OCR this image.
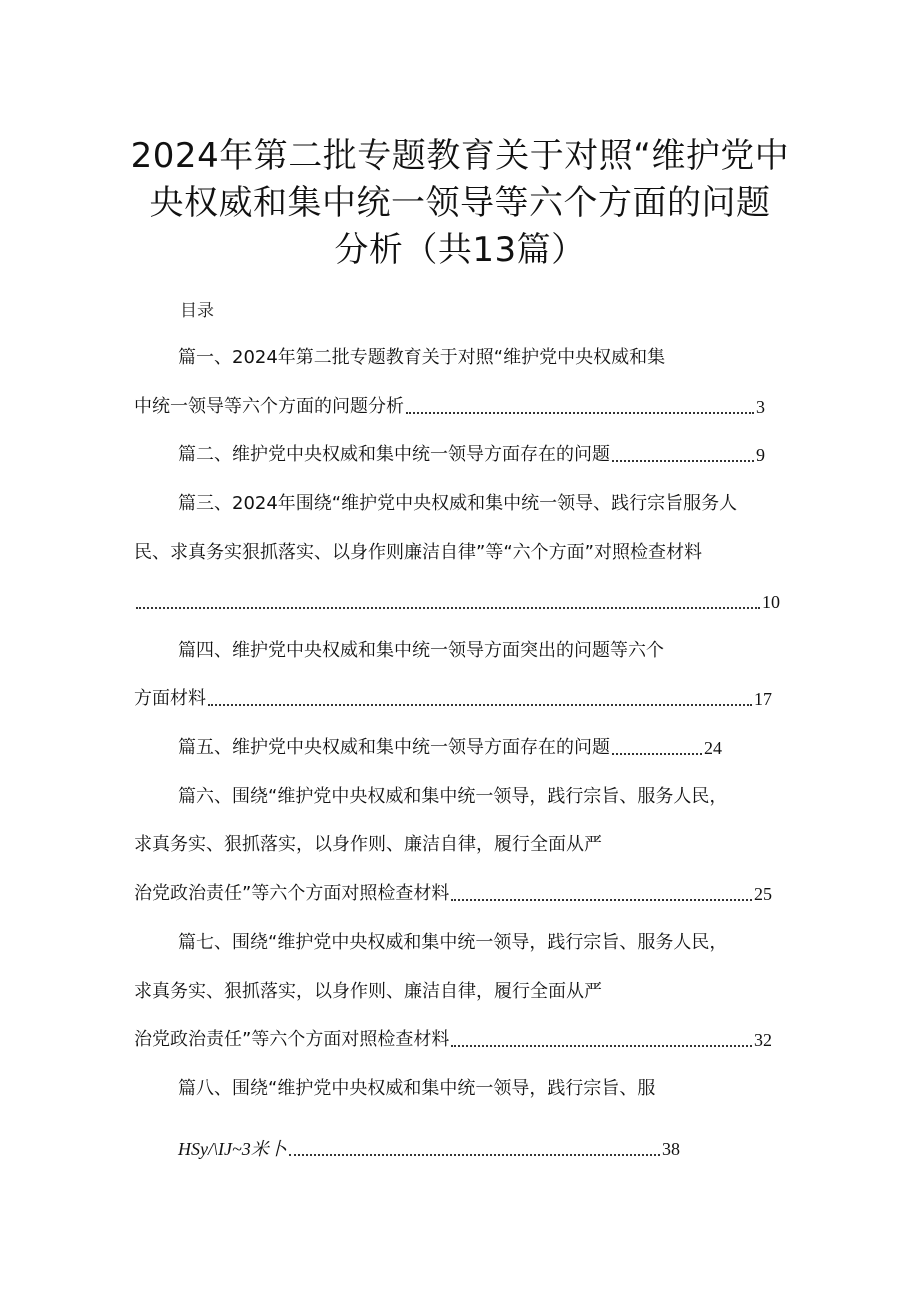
2024年第二批专题教育关于对照“维护党中
央权威和集中统一领导等六个方面的问题
分析（共13篇）
目录
篇一、2024年第二批专题教育关于对照“维护党中央权威和集
中统一领导等六个方面的问题分析	3
篇二、维护党中央权威和集中统一领导方面存在的问题	9
篇三、2024年围绕“维护党中央权威和集中统一领导、践行宗旨服务人
民、求真务实狠抓落实、以身作则廉洁自律”等“六个方面”对照检查材料
10
篇四、维护党中央权威和集中统一领导方面突出的问题等六个
方面材料	17
篇五、维护党中央权威和集中统一领导方面存在的问题	24
篇六、围绕“维护党中央权威和集中统一领导，践行宗旨、服务人民，
求真务实、狠抓落实，以身作则、廉洁自律，履行全面从严
治党政治责任”等六个方面对照检查材料	25
篇七、围绕“维护党中央权威和集中统一领导，践行宗旨、服务人民，
求真务实、狠抓落实，以身作则、廉洁自律，履行全面从严
治党政治责任”等六个方面对照检查材料	32
篇八、围绕“维护党中央权威和集中统一领导，践行宗旨、服
HSy/\IJ~3米卜	38
